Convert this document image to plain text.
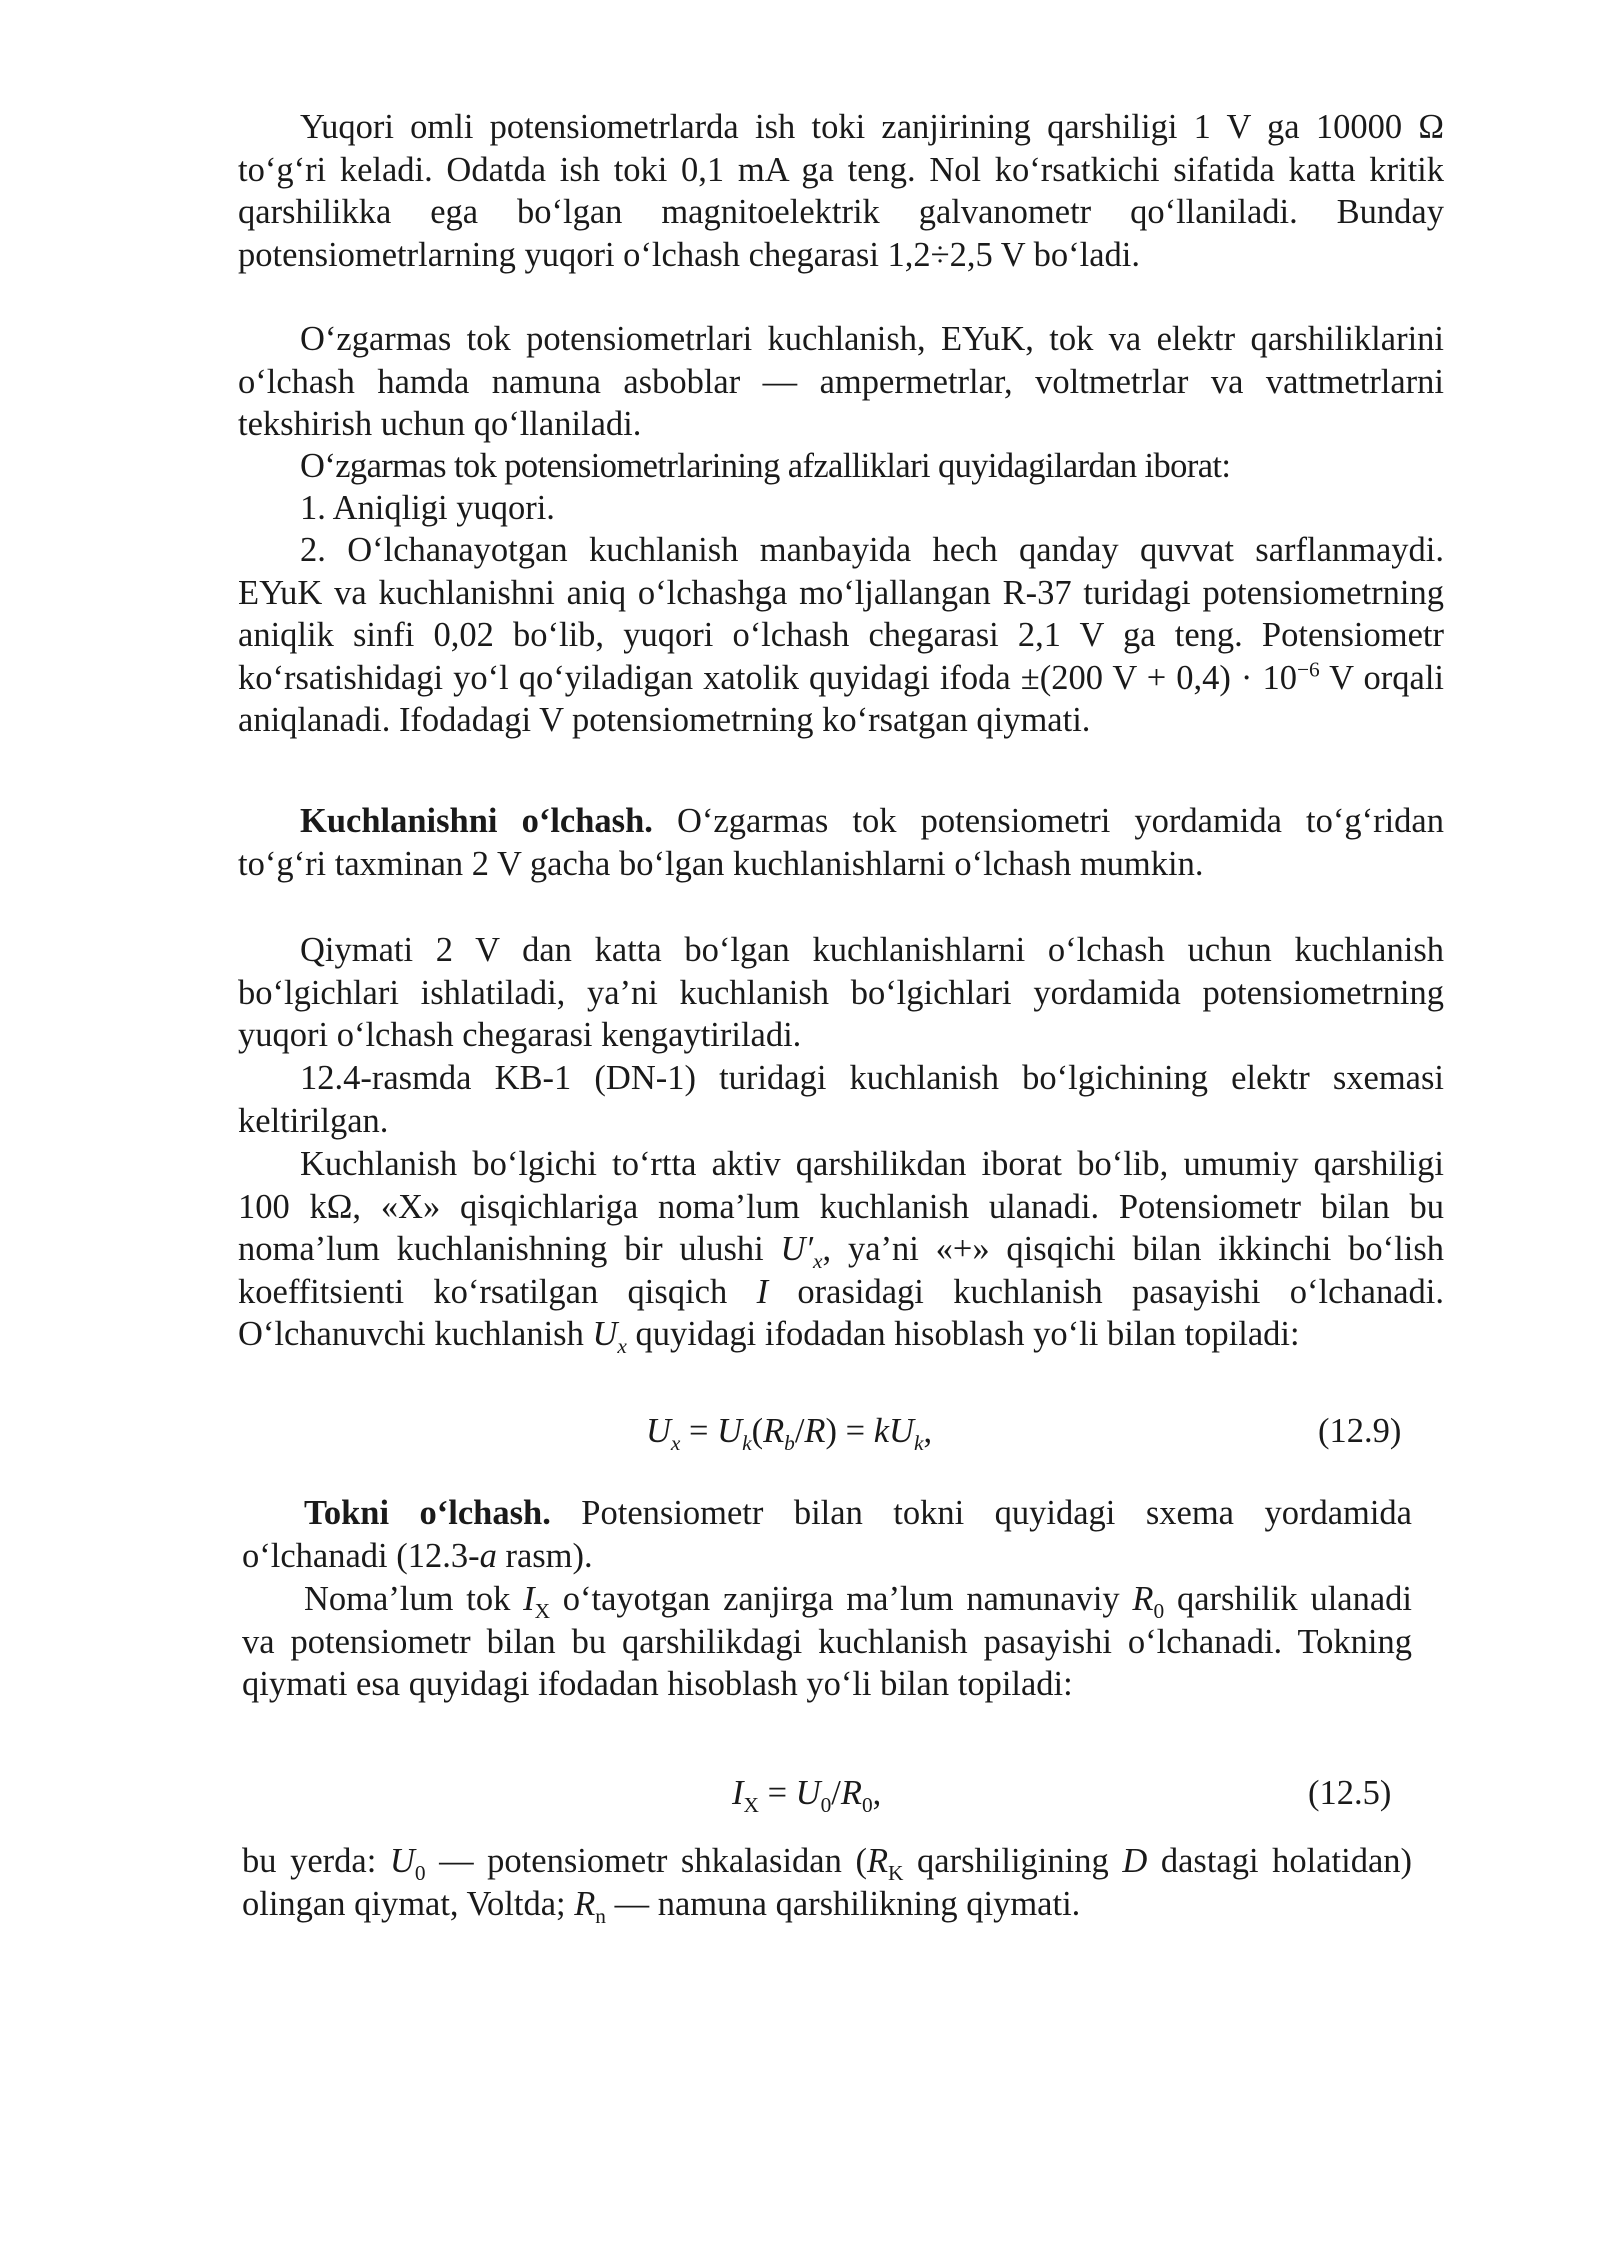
Yuqori omli potensiometrlarda ish toki zanjirining qarshiligi 1 V ga 10000 Ω to‘g‘ri keladi. Odatda ish toki 0,1 mA ga teng. Nol ko‘rsatkichi sifatida katta kritik qarshilikka ega bo‘lgan magnitoelektrik galvanometr qo‘llaniladi. Bunday potensiometrlarning yuqori o‘lchash chegarasi 1,2÷2,5 V bo‘ladi.

O‘zgarmas tok potensiometrlari kuchlanish, EYuK, tok va elektr qarshiliklarini o‘lchash hamda namuna asboblar — ampermetrlar, voltmetrlar va vattmetrlarni tekshirish uchun qo‘llaniladi.

O‘zgarmas tok potensiometrlarining afzalliklari quyidagilardan iborat:

1. Aniqligi yuqori.

2. O‘lchanayotgan kuchlanish manbayida hech qanday quvvat sarflanmaydi. EYuK va kuchlanishni aniq o‘lchashga mo‘ljallangan R-37 turidagi potensiometrning aniqlik sinfi 0,02 bo‘lib, yuqori o‘lchash chegarasi 2,1 V ga teng. Potensiometr ko‘rsatishidagi yo‘l qo‘yiladigan xatolik quyidagi ifoda ±(200 $V + 0,4) \cdot 10^{-6}$ V orqali aniqlanadi. Ifodadagi V potensiometrning ko‘rsatgan qiymati.

Kuchlanishni o‘lchash. O‘zgarmas tok potensiometri yordamida to‘g‘ridan to‘g‘ri taxminan 2 V gacha bo‘lgan kuchlanishlarni o‘lchash mumkin.

Qiymati 2 V dan katta bo‘lgan kuchlanishlarni o‘lchash uchun kuchlanish bo‘lgichlari ishlatiladi, ya’ni kuchlanish bo‘lgichlari yordamida potensiometrning yuqori o‘lchash chegarasi kengaytiriladi.

12.4-rasmda KB-1 (DN-1) turidagi kuchlanish bo‘lgichining elektr sxemasi keltirilgan.

Kuchlanish bo‘lgichi to‘rtta aktiv qarshilikdan iborat bo‘lib, umumiy qarshiligi 100 kΩ, «X» qisqichlariga noma’lum kuchlanish ulanadi. Potensiometr bilan bu noma’lum kuchlanishning bir ulushi $U'_x$, ya’ni «+» qisqichi bilan ikkinchi bo‘lish koeffitsienti ko‘rsatilgan qisqich I orasidagi kuchlanish pasayishi o‘lchanadi. O‘lchanuvchi kuchlanish $U_x$ quyidagi ifodadan hisoblash yo‘li bilan topiladi:

$U_x = U_k(R_b/R) = kU_k$,	(12.9)

Tokni o‘lchash. Potensiometr bilan tokni quyidagi sxema yordamida o‘lchanadi (12.3-a rasm).

Noma’lum tok $I_X$ o‘tayotgan zanjirga ma’lum namunaviy $R_0$ qarshilik ulanadi va potensiometr bilan bu qarshilikdagi kuchlanish pasayishi o‘lchanadi. Tokning qiymati esa quyidagi ifodadan hisoblash yo‘li bilan topiladi:

$I_X = U_0/R_0$,	(12.5)

bu yerda: $U_0$ — potensiometr shkalasidan ($R_K$ qarshiligining D dastagi holatidan) olingan qiymat, Voltda; $R_n$ — namuna qarshilikning qiymati.
